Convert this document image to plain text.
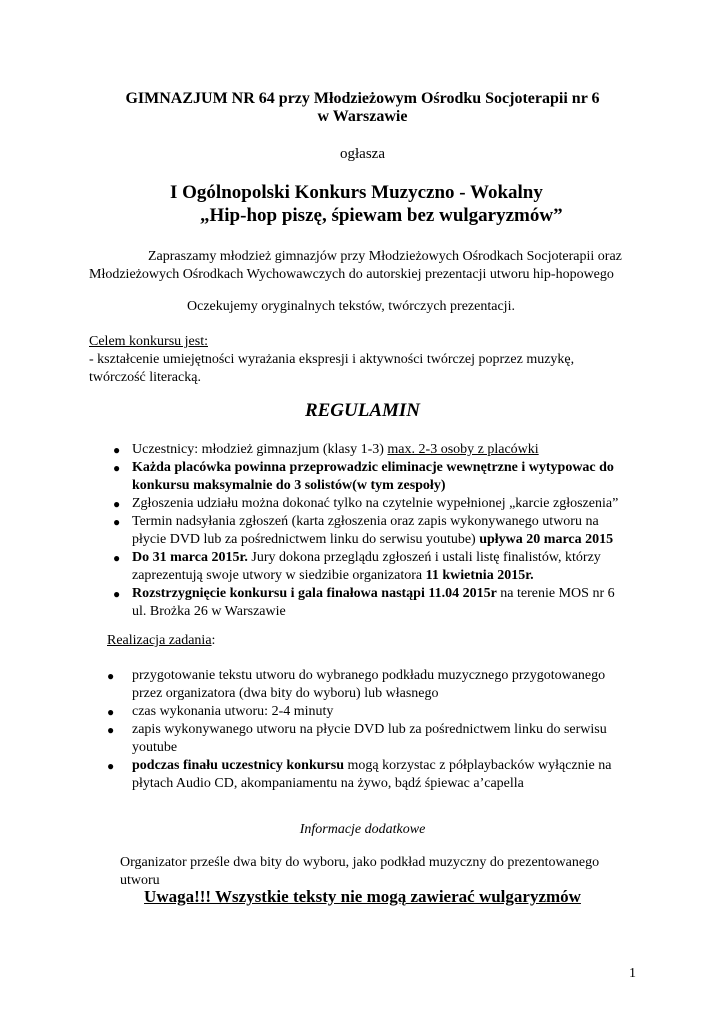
GIMNAZJUM NR 64 przy Młodzieżowym Ośrodku Socjoterapii nr 6
w Warszawie
ogłasza
I Ogólnopolski Konkurs Muzyczno - Wokalny
„Hip-hop piszę, śpiewam bez wulgaryzmów”
Zapraszamy młodzież gimnazjów przy Młodzieżowych Ośrodkach Socjoterapii oraz
Młodzieżowych Ośrodkach Wychowawczych do autorskiej prezentacji utworu hip-hopowego
Oczekujemy oryginalnych tekstów, twórczych prezentacji.
Celem konkursu jest:
- kształcenie umiejętności wyrażania ekspresji i aktywności twórczej poprzez muzykę,
twórczość literacką.
REGULAMIN
● Uczestnicy: młodzież gimnazjum (klasy 1-3) max. 2-3 osoby z placówki
● Każda placówka powinna przeprowadzic eliminacje wewnętrzne i wytypowac do
konkursu maksymalnie do 3 solistów(w tym zespoły)
● Zgłoszenia udziału można dokonać tylko na czytelnie wypełnionej „karcie zgłoszenia”
● Termin nadsyłania zgłoszeń (karta zgłoszenia oraz zapis wykonywanego utworu na
płycie DVD lub za pośrednictwem linku do serwisu youtube) upływa 20 marca 2015
● Do 31 marca 2015r. Jury dokona przeglądu zgłoszeń i ustali listę finalistów, którzy
zaprezentują swoje utwory w siedzibie organizatora 11 kwietnia 2015r.
● Rozstrzygnięcie konkursu i gala finałowa nastąpi 11.04 2015r na terenie MOS nr 6
ul. Brożka 26 w Warszawie
Realizacja zadania:
● przygotowanie tekstu utworu do wybranego podkładu muzycznego przygotowanego
przez organizatora (dwa bity do wyboru) lub własnego
● czas wykonania utworu: 2-4 minuty
● zapis wykonywanego utworu na płycie DVD lub za pośrednictwem linku do serwisu
youtube
● podczas finału uczestnicy konkursu mogą korzystac z półplaybacków wyłącznie na
płytach Audio CD, akompaniamentu na żywo, bądź śpiewac a’capella
Informacje dodatkowe
Organizator prześle dwa bity do wyboru, jako podkład muzyczny do prezentowanego
utworu
Uwaga!!! Wszystkie teksty nie mogą zawierać wulgaryzmów
1
